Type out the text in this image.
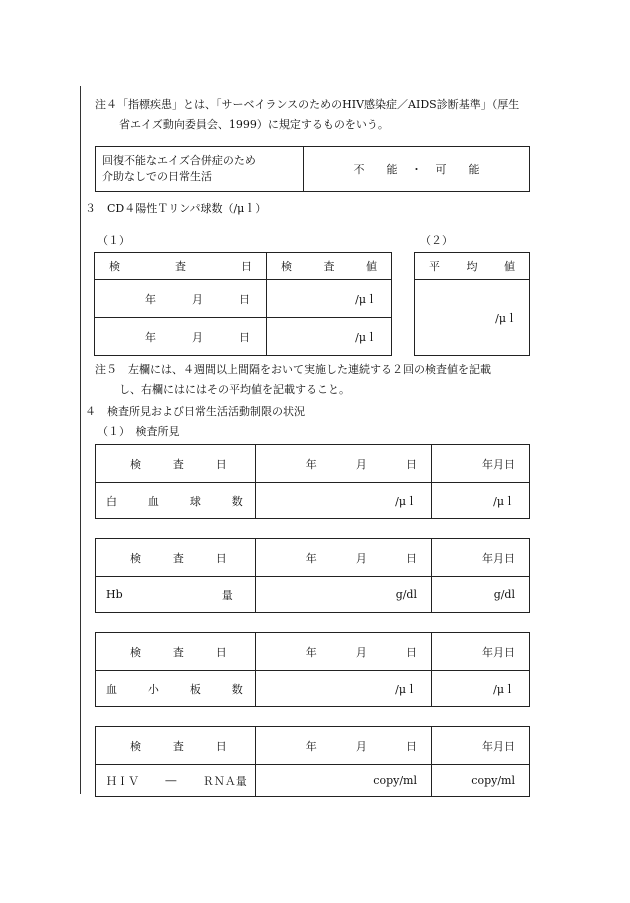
注４「指標疾患」とは、｢サーベイランスのためのHIV感染症／AIDS診断基準｣（厚生
省エイズ動向委員会、1999）に規定するものをいう。
回復不能なエイズ合併症のため
介助なしでの日常生活
	不　　能 ・ 可　　能
３　CD４陽性Ｔリンパ球数（/μｌ）
（１）	（２）
検 査 日	検 査 値

年 月 日	/μｌ

年 月 日	/μｌ
平 均 値

/μｌ
注５　左欄には、４週間以上間隔をおいて実施した連続する２回の検査値を記載
し、右欄にはにはその平均値を記載すること。
４　検査所見および日常生活活動制限の状況
（１）　検査所見
検 査 日	年 月 日	年 月 日

白 血 球 数	/μｌ	/μｌ
検 査 日	年 月 日	年 月 日

Hb 量	g/dl	g/dl
検 査 日	年 月 日	年 月 日

血 小 板 数	/μｌ	/μｌ
検 査 日	年 月 日	年 月 日

ＨＩＶ ― ＲＮＡ量	copy/ml	copy/ml
